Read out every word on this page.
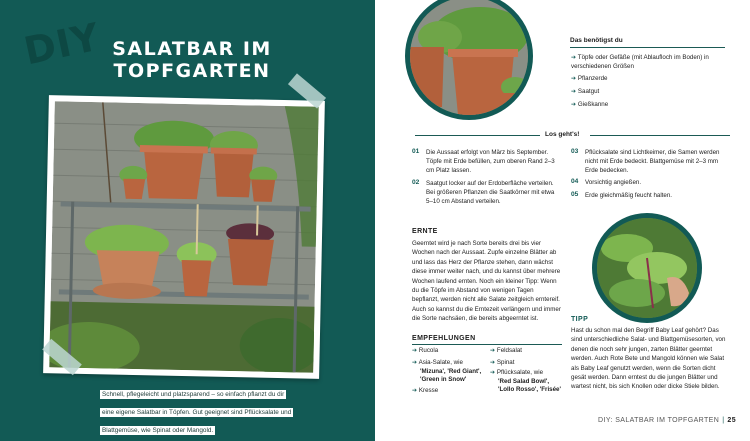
DIY SALATBAR IM
TOPFGARTEN
Schnell, pflegeleicht und platzsparend – so einfach pflanzt du dir eine eigene Salatbar in Töpfen. Gut geeignet sind Pflücksalate und Blattgemüse, wie Spinat oder Mangold.
Das benötigst du
➔ Töpfe oder Gefäße (mit Ablaufloch im Boden) in verschiedenen Größen
➔ Pflanzerde
➔ Saatgut
➔ Gießkanne
Los geht's!
01 Die Aussaat erfolgt von März bis September. Töpfe mit Erde befüllen, zum oberen Rand 2–3 cm Platz lassen.
02 Saatgut locker auf der Erdoberfläche verteilen. Bei größeren Pflanzen die Saatkörner mit etwa 5–10 cm Abstand verteilen.
03 Pflücksalate sind Lichtkeimer, die Samen werden nicht mit Erde bedeckt. Blattgemüse mit 2–3 mm Erde bedecken.
04 Vorsichtig angießen.
05 Erde gleichmäßig feucht halten.
ERNTE
Geerntet wird je nach Sorte bereits drei bis vier Wochen nach der Aussaat. Zupfe einzelne Blätter ab und lass das Herz der Pflanze stehen, dann wächst diese immer weiter nach, und du kannst über mehrere Wochen laufend ernten. Noch ein kleiner Tipp: Wenn du die Töpfe im Abstand von wenigen Tagen bepflanzt, werden nicht alle Salate zeitgleich erntereif. Auch so kannst du die Erntezeit verlängern und immer die Sorte nachsäen, die bereits abgeerntet ist.
EMPFEHLUNGEN
➔ Rucola
➔ Asia-Salate, wie

'Mizuna', 'Red Giant', 'Green in Snow'
➔ Kresse
➔ Feldsalat
➔ Spinat
➔ Pflücksalate, wie

'Red Salad Bowl', 'Lollo Rosso', 'Frisée'
TIPP
Hast du schon mal den Begriff Baby Leaf gehört? Das sind unterschiedliche Salat- und Blattgemüsesorten, von denen die noch sehr jungen, zarten Blätter geerntet werden. Auch Rote Bete und Mangold können wie Salat als Baby Leaf genutzt werden, wenn die Sorten dicht gesät werden. Dann erntest du die jungen Blätter und wartest nicht, bis sich Knollen oder dicke Stiele bilden.
DIY: SALATBAR IM TOPFGARTEN | 25
